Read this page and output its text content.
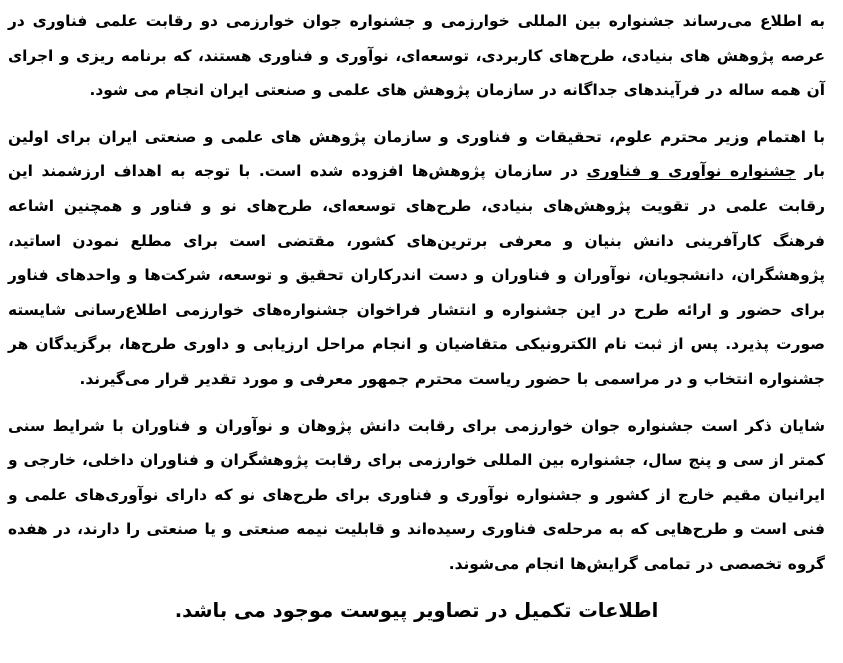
به اطلاع می‌رساند جشنواره بین المللی خوارزمی و جشنواره جوان خوارزمی دو رقابت علمی فناوری در عرصه پژوهش های بنیادی، طرح‌های کاربردی، توسعه‌ای، نوآوری و فناوری هستند، که برنامه ریزی و اجرای آن همه ساله در فرآیندهای جداگانه در سازمان پژوهش های علمی و صنعتی ایران انجام می شود.

با اهتمام وزیر محترم علوم، تحقیقات و فناوری و سازمان پژوهش های علمی و صنعتی ایران برای اولین بار جشنواره نوآوری و فناوری در سازمان پژوهش‌ها افزوده شده است. با توجه به اهداف ارزشمند این رقابت علمی در تقویت پژوهش‌های بنیادی، طرح‌های توسعه‌ای، طرح‌های نو و فناور و همچنین اشاعه فرهنگ کارآفرینی دانش بنیان و معرفی برترین‌های کشور، مقتضی است برای مطلع نمودن اساتید، پژوهشگران، دانشجویان، نوآوران و فناوران و دست اندرکاران تحقیق و توسعه، شرکت‌ها و واحدهای فناور برای حضور و ارائه طرح در این جشنواره و انتشار فراخوان جشنواره‌های خوارزمی اطلاع‌رسانی شایسته صورت پذیرد. پس از ثبت نام الکترونیکی متقاضیان و انجام مراحل ارزیابی و داوری طرح‌ها، برگزیدگان هر جشنواره انتخاب و در مراسمی با حضور ریاست محترم جمهور معرفی و مورد تقدیر قرار می‌گیرند.

شایان ذکر است جشنواره جوان خوارزمی برای رقابت دانش پژوهان و نوآوران و فناوران با شرایط سنی کمتر از سی و پنج سال، جشنواره بین المللی خوارزمی برای رقابت پژوهشگران و فناوران داخلی، خارجی و ایرانیان مقیم خارج از کشور و جشنواره نوآوری و فناوری برای طرح‌های نو که دارای نوآوری‌های علمی و فنی است و طرح‌هایی که به مرحله‌ی فناوری رسیده‌اند و قابلیت نیمه صنعتی و یا صنعتی را دارند، در هفده گروه تخصصی در تمامی گرایش‌ها انجام می‌شوند.

اطلاعات تکمیل در تصاویر پیوست موجود می باشد.
